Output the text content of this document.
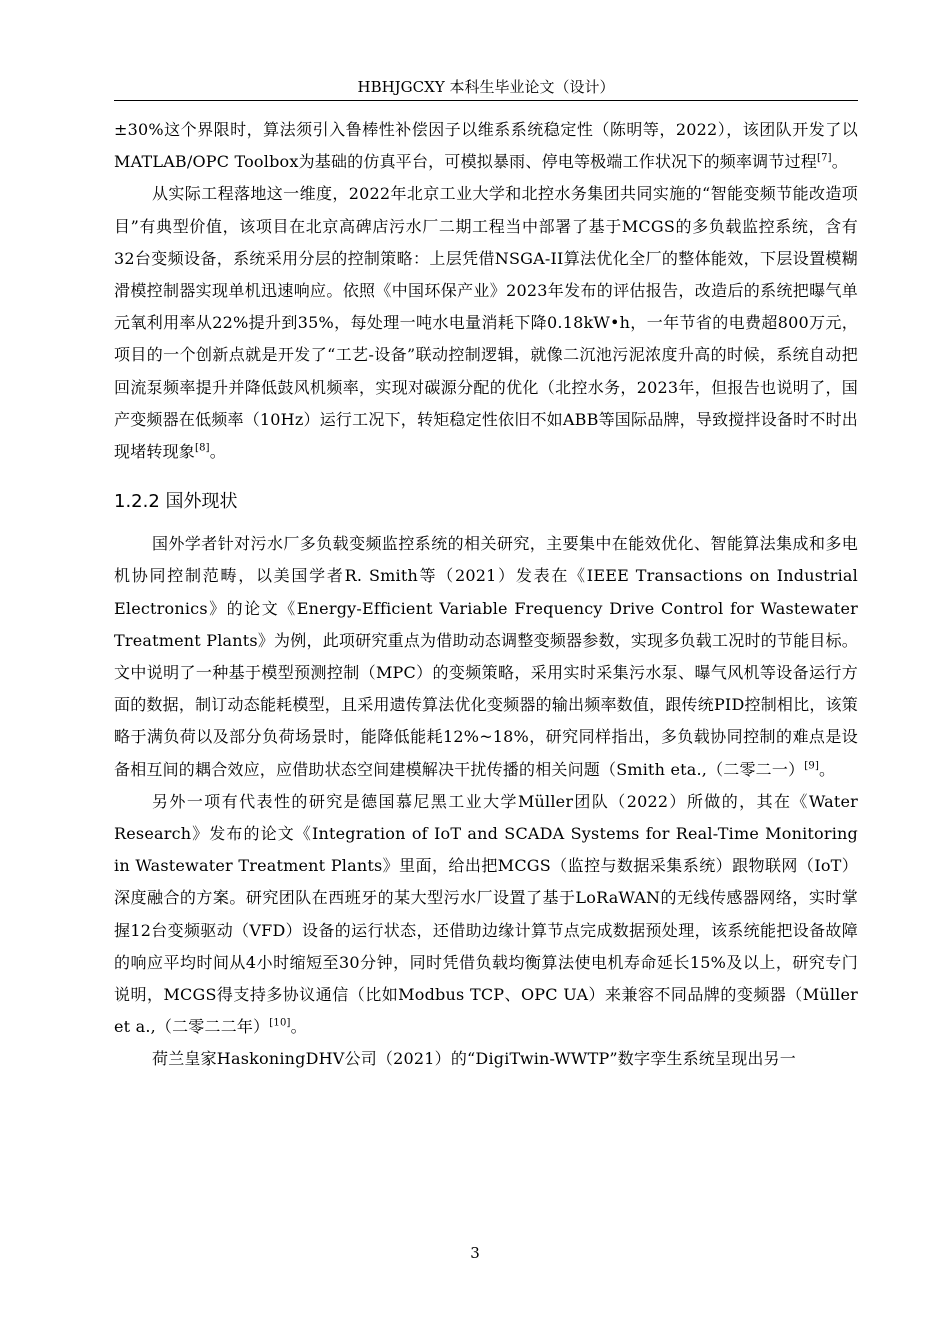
HBHJGCXY 本科生毕业论文（设计）

±30%这个界限时，算法须引入鲁棒性补偿因子以维系系统稳定性（陈明等，2022），该团队开发了以MATLAB/OPC Toolbox为基础的仿真平台，可模拟暴雨、停电等极端工作状况下的频率调节过程[7]。

从实际工程落地这一维度，2022年北京工业大学和北控水务集团共同实施的“智能变频节能改造项目”有典型价值，该项目在北京高碑店污水厂二期工程当中部署了基于MCGS的多负载监控系统，含有32台变频设备，系统采用分层的控制策略：上层凭借NSGA-II算法优化全厂的整体能效，下层设置模糊滑模控制器实现单机迅速响应。依照《中国环保产业》2023年发布的评估报告，改造后的系统把曝气单元氧利用率从22%提升到35%，每处理一吨水电量消耗下降0.18kW•h，一年节省的电费超800万元，项目的一个创新点就是开发了“工艺-设备”联动控制逻辑，就像二沉池污泥浓度升高的时候，系统自动把回流泵频率提升并降低鼓风机频率，实现对碳源分配的优化（北控水务，2023年，但报告也说明了，国产变频器在低频率（10Hz）运行工况下，转矩稳定性依旧不如ABB等国际品牌，导致搅拌设备时不时出现堵转现象[8]。

1.2.2 国外现状

国外学者针对污水厂多负载变频监控系统的相关研究，主要集中在能效优化、智能算法集成和多电机协同控制范畴，以美国学者R. Smith等（2021）发表在《IEEE Transactions on Industrial Electronics》的论文《Energy-Efficient Variable Frequency Drive Control for Wastewater Treatment Plants》为例，此项研究重点为借助动态调整变频器参数，实现多负载工况时的节能目标。文中说明了一种基于模型预测控制（MPC）的变频策略，采用实时采集污水泵、曝气风机等设备运行方面的数据，制订动态能耗模型，且采用遗传算法优化变频器的输出频率数值，跟传统PID控制相比，该策略于满负荷以及部分负荷场景时，能降低能耗12%~18%，研究同样指出，多负载协同控制的难点是设备相互间的耦合效应，应借助状态空间建模解决干扰传播的相关问题（Smith eta.,（二零二一）[9]。

另外一项有代表性的研究是德国慕尼黑工业大学Müller团队（2022）所做的，其在《Water Research》发布的论文《Integration of IoT and SCADA Systems for Real-Time Monitoring in Wastewater Treatment Plants》里面，给出把MCGS（监控与数据采集系统）跟物联网（IoT）深度融合的方案。研究团队在西班牙的某大型污水厂设置了基于LoRaWAN的无线传感器网络，实时掌握12台变频驱动（VFD）设备的运行状态，还借助边缘计算节点完成数据预处理，该系统能把设备故障的响应平均时间从4小时缩短至30分钟，同时凭借负载均衡算法使电机寿命延长15%及以上，研究专门说明，MCGS得支持多协议通信（比如Modbus TCP、OPC UA）来兼容不同品牌的变频器（Müller et a.,（二零二二年）[10]。

荷兰皇家HaskoningDHV公司（2021）的“DigiTwin-WWTP”数字孪生系统呈现出另一

3
